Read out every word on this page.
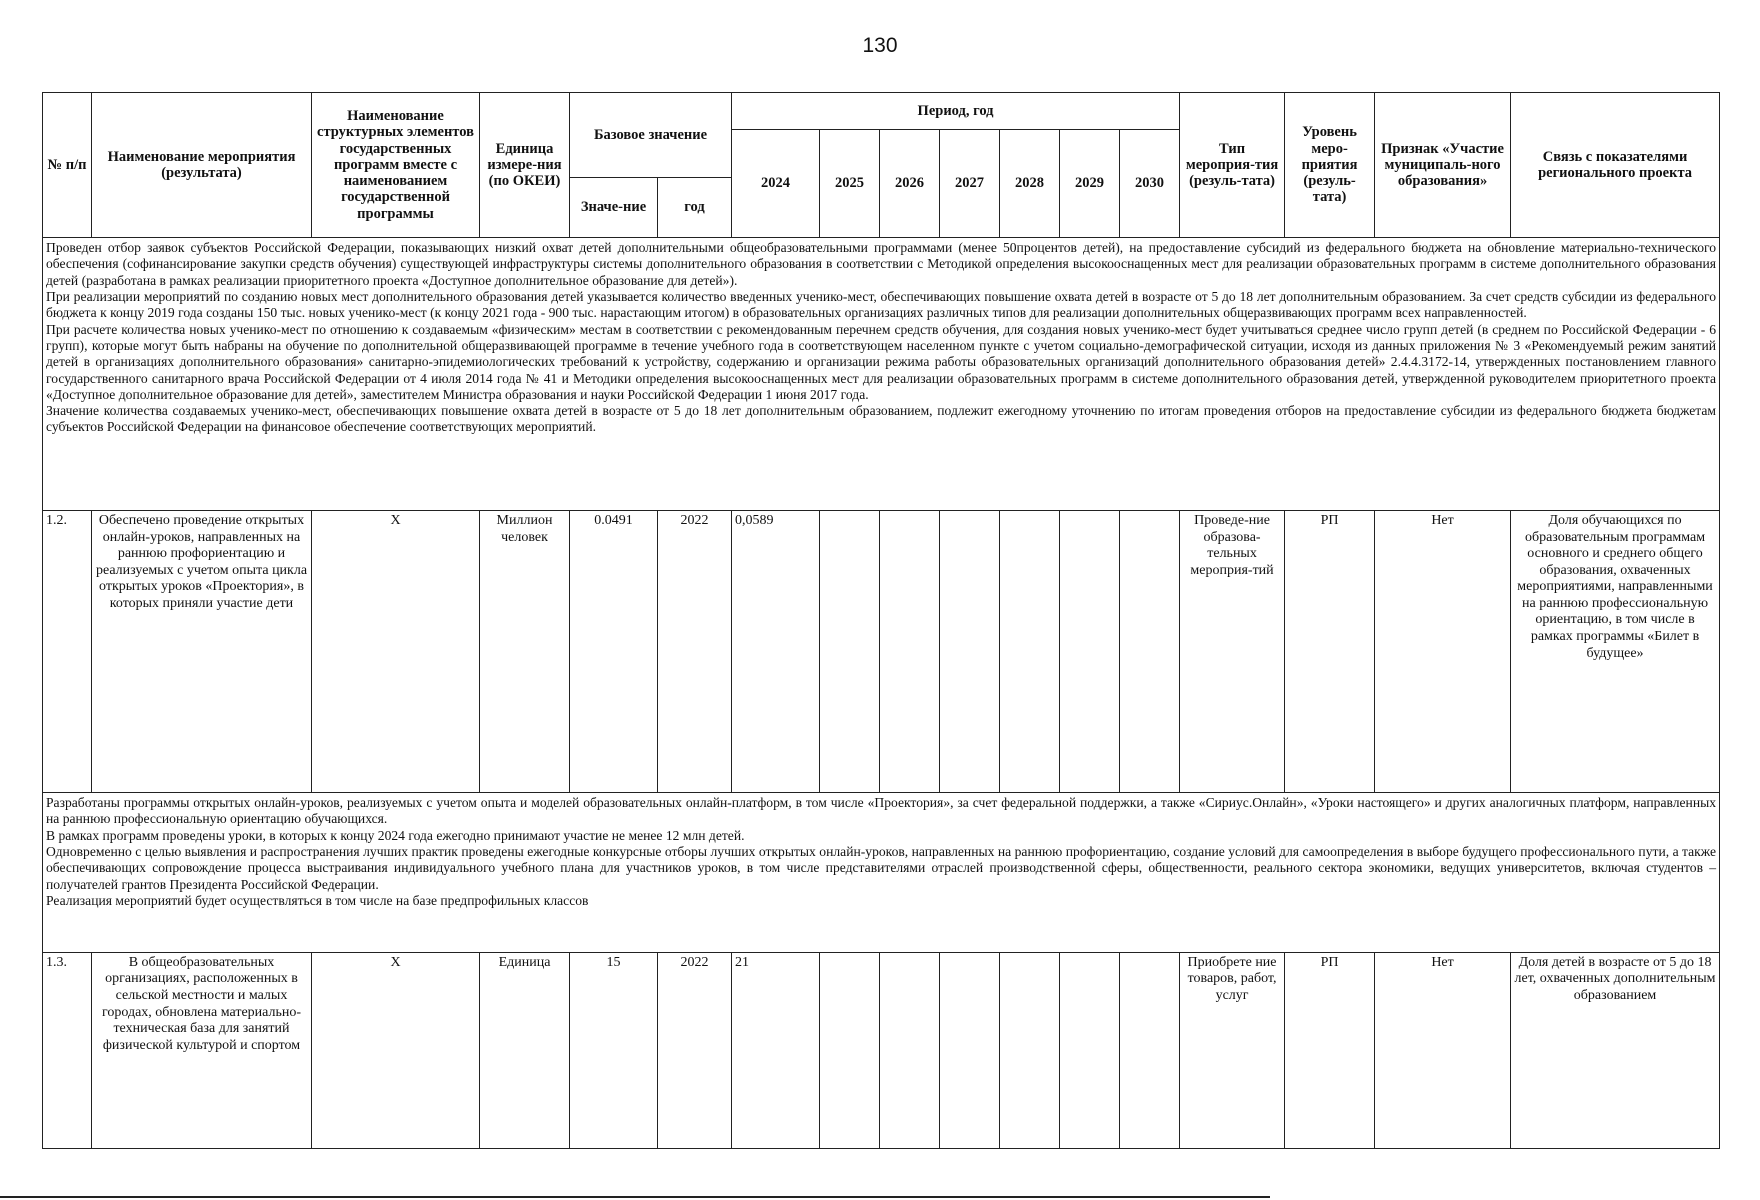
130
№ п/п	Наименование мероприятия (результата)	Наименование структурных элементов государственных программ вместе с наименованием государственной программы	Единица измере-ния (по ОКЕИ)	Базовое значение		Период, год							Тип мероприя-тия (резуль-тата)	Уровень меро-приятия (резуль-тата)	Признак «Участие муниципаль-ного образования»	Связь с показателями регионального проекта
						2024	2025	2026	2027	2028	2029	2030				
				Значе-ние	год											

Проведен отбор заявок субъектов Российской Федерации, показывающих низкий охват детей дополнительными общеобразовательными программами (менее 50процентов детей), на предоставление субсидий из федерального бюджета на обновление материально-технического обеспечения (софинансирование закупки средств обучения) существующей инфраструктуры системы дополнительного образования в соответствии с Методикой определения высокооснащенных мест для реализации образовательных программ в системе дополнительного образования детей (разработана в рамках реализации приоритетного проекта «Доступное дополнительное образование для детей»).

При реализации мероприятий по созданию новых мест дополнительного образования детей указывается количество введенных ученико-мест, обеспечивающих повышение охвата детей в возрасте от 5 до 18 лет дополнительным образованием. За счет средств субсидии из федерального бюджета к концу 2019 года созданы 150 тыс. новых ученико-мест (к концу 2021 года - 900 тыс. нарастающим итогом) в образовательных организациях различных типов для реализации дополнительных общеразвивающих программ всех направленностей.

При расчете количества новых ученико-мест по отношению к создаваемым «физическим» местам в соответствии с рекомендованным перечнем средств обучения, для создания новых ученико-мест будет учитываться среднее число групп детей (в среднем по Российской Федерации - 6 групп), которые могут быть набраны на обучение по дополнительной общеразвивающей программе в течение учебного года в соответствующем населенном пункте с учетом социально-демографической ситуации, исходя из данных приложения № 3 «Рекомендуемый режим занятий детей в организациях дополнительного образования» санитарно-эпидемиологических требований к устройству, содержанию и организации режима работы образовательных организаций дополнительного образования детей» 2.4.4.3172-14, утвержденных постановлением главного государственного санитарного врача Российской Федерации от 4 июля 2014 года № 41 и Методики определения высокооснащенных мест для реализации образовательных программ в системе дополнительного образования детей, утвержденной руководителем приоритетного проекта «Доступное дополнительное образование для детей», заместителем Министра образования и науки Российской Федерации 1 июня 2017 года.

Значение количества создаваемых ученико-мест, обеспечивающих повышение охвата детей в возрасте от 5 до 18 лет дополнительным образованием, подлежит ежегодному уточнению по итогам проведения отборов на предоставление субсидии из федерального бюджета бюджетам субъектов Российской Федерации на финансовое обеспечение соответствующих мероприятий.																

1.2.	Обеспечено проведение открытых онлайн-уроков, направленных на раннюю профориентацию и реализуемых с учетом опыта цикла открытых уроков «Проектория», в которых приняли участие дети	X	Миллион человек	0.0491	2022	0,0589							Проведе-ние образова-тельных мероприя-тий	РП	Нет	Доля обучающихся по образовательным программам основного и среднего общего образования, охваченных мероприятиями, направленными на раннюю профессиональную ориентацию, в том числе в рамках программы «Билет в будущее»

Разработаны программы открытых онлайн-уроков, реализуемых с учетом опыта и моделей образовательных онлайн-платформ, в том числе «Проектория», за счет федеральной поддержки, а также «Сириус.Онлайн», «Уроки настоящего» и других аналогичных платформ, направленных на раннюю профессиональную ориентацию обучающихся.

В рамках программ проведены уроки, в которых к концу 2024 года ежегодно принимают участие не менее 12 млн детей.

Одновременно с целью выявления и распространения лучших практик проведены ежегодные конкурсные отборы лучших открытых онлайн-уроков, направленных на раннюю профориентацию, создание условий для самоопределения в выборе будущего профессионального пути, а также обеспечивающих сопровождение процесса выстраивания индивидуального учебного плана для участников уроков, в том числе представителями отраслей производственной сферы, общественности, реального сектора экономики, ведущих университетов, включая студентов – получателей грантов Президента Российской Федерации.

Реализация мероприятий будет осуществляться в том числе на базе предпрофильных классов																

1.3.	В общеобразовательных организациях, расположенных в сельской местности и малых городах, обновлена материально-техническая база для занятий физической культурой и спортом	X	Единица	15	2022	21							Приобрете ние товаров, работ, услуг	РП	Нет	Доля детей в возрасте от 5 до 18 лет, охваченных дополнительным образованием
